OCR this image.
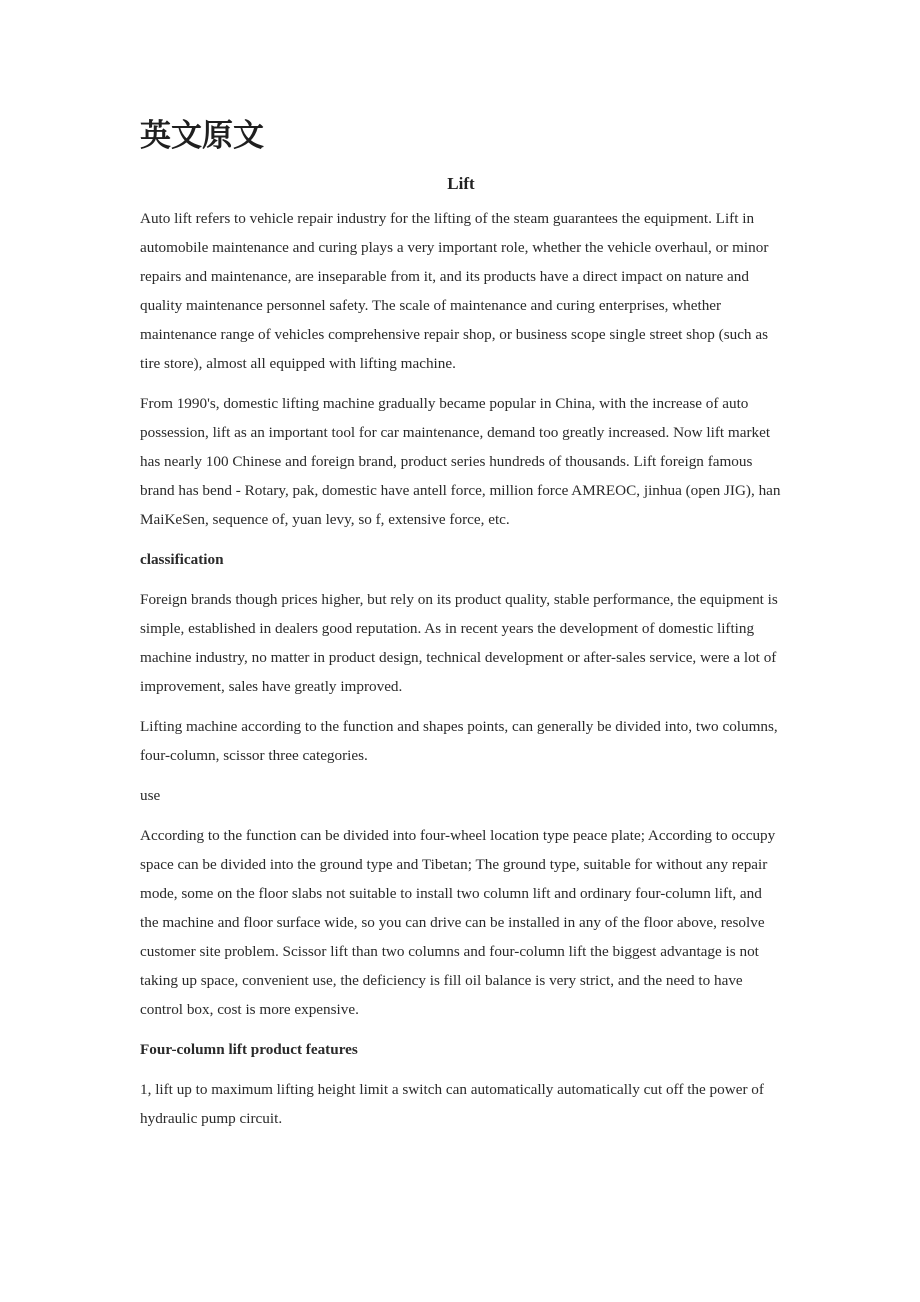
英文原文
Lift

Auto lift refers to vehicle repair industry for the lifting of the steam guarantees the equipment. Lift in automobile maintenance and curing plays a very important role, whether the vehicle overhaul, or minor repairs and maintenance, are inseparable from it, and its products have a direct impact on nature and quality maintenance personnel safety. The scale of maintenance and curing enterprises, whether maintenance range of vehicles comprehensive repair shop, or business scope single street shop (such as tire store), almost all equipped with lifting machine.

From 1990's, domestic lifting machine gradually became popular in China, with the increase of auto possession, lift as an important tool for car maintenance, demand too greatly increased. Now lift market has nearly 100 Chinese and foreign brand, product series hundreds of thousands. Lift foreign famous brand has bend - Rotary, pak, domestic have antell force, million force AMREOC, jinhua (open JIG), han MaiKeSen, sequence of, yuan levy, so f, extensive force, etc.

classification

Foreign brands though prices higher, but rely on its product quality, stable performance, the equipment is simple, established in dealers good reputation. As in recent years the development of domestic lifting machine industry, no matter in product design, technical development or after-sales service, were a lot of improvement, sales have greatly improved.

Lifting machine according to the function and shapes points, can generally be divided into, two columns, four-column, scissor three categories.

use

According to the function can be divided into four-wheel location type peace plate; According to occupy space can be divided into the ground type and Tibetan; The ground type, suitable for without any repair mode, some on the floor slabs not suitable to install two column lift and ordinary four-column lift, and the machine and floor surface wide, so you can drive can be installed in any of the floor above, resolve customer site problem. Scissor lift than two columns and four-column lift the biggest advantage is not taking up space, convenient use, the deficiency is fill oil balance is very strict, and the need to have control box, cost is more expensive.

Four-column lift product features

1, lift up to maximum lifting height limit a switch can automatically automatically cut off the power of hydraulic pump circuit.
